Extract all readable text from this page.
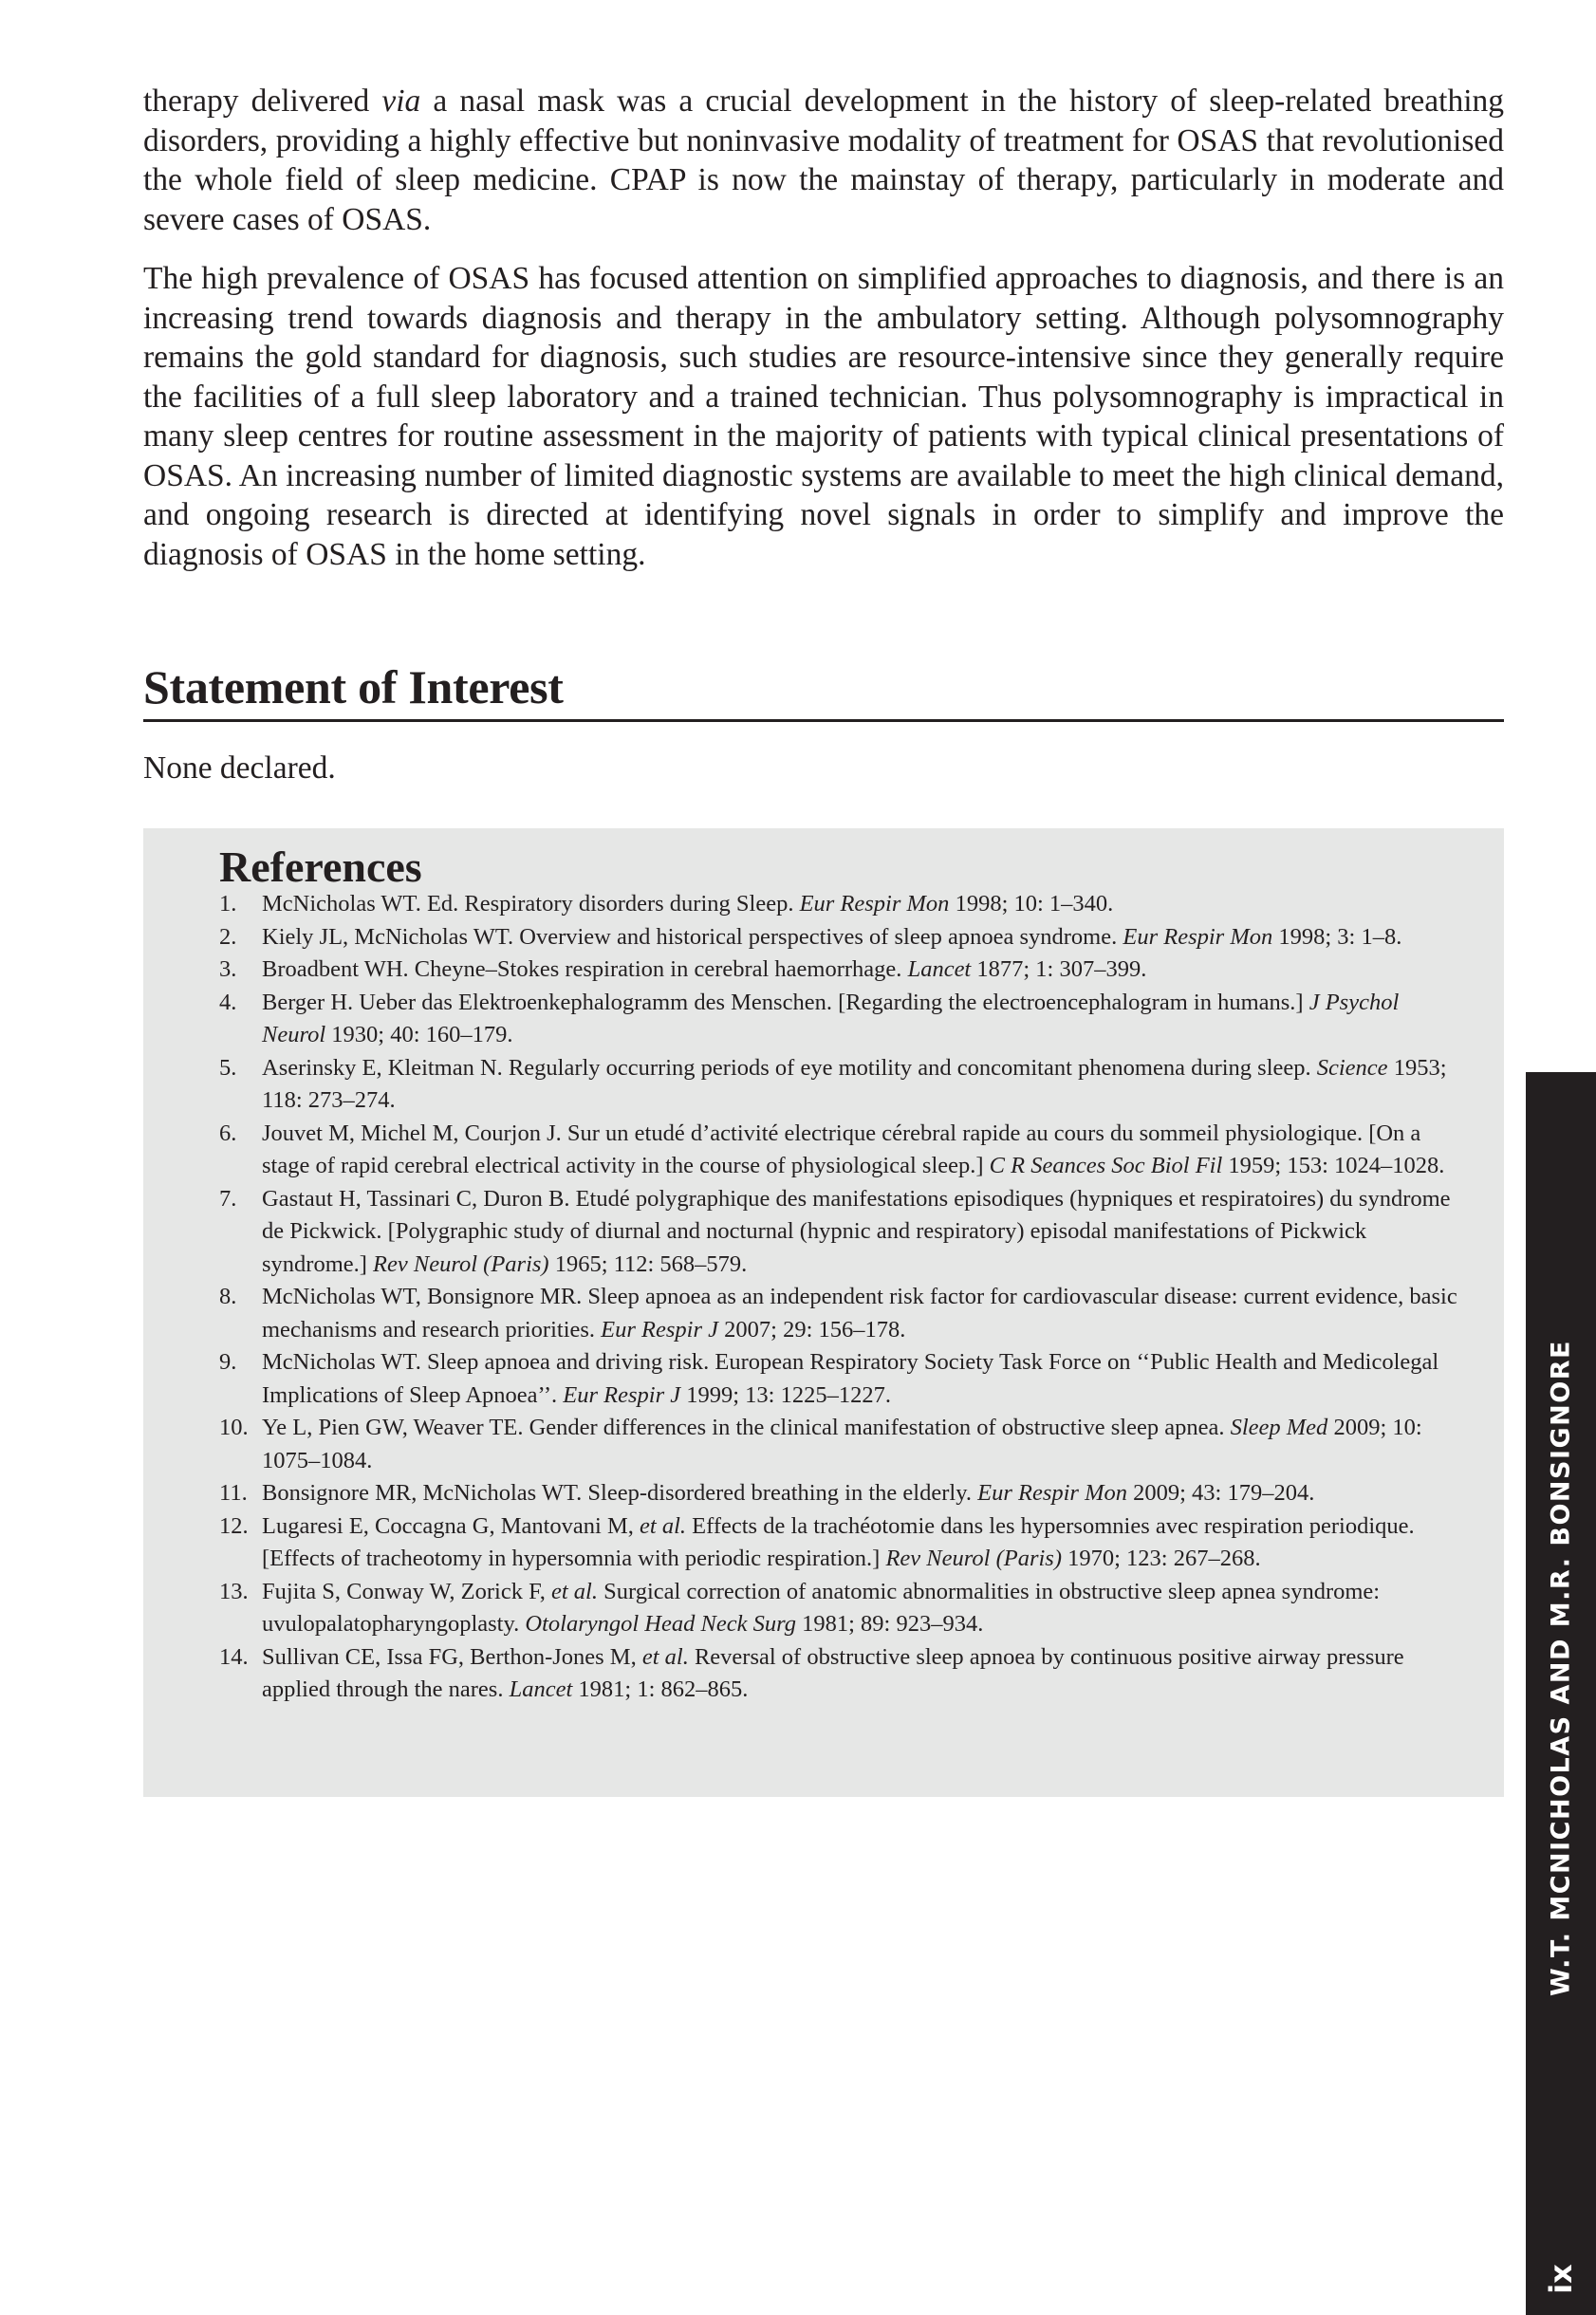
therapy delivered via a nasal mask was a crucial development in the history of sleep-related breathing disorders, providing a highly effective but noninvasive modality of treatment for OSAS that revolutionised the whole field of sleep medicine. CPAP is now the mainstay of therapy, particularly in moderate and severe cases of OSAS.

The high prevalence of OSAS has focused attention on simplified approaches to diagnosis, and there is an increasing trend towards diagnosis and therapy in the ambulatory setting. Although polysomnography remains the gold standard for diagnosis, such studies are resource-intensive since they generally require the facilities of a full sleep laboratory and a trained technician. Thus polysomnography is impractical in many sleep centres for routine assessment in the majority of patients with typical clinical presentations of OSAS. An increasing number of limited diagnostic systems are available to meet the high clinical demand, and ongoing research is directed at identifying novel signals in order to simplify and improve the diagnosis of OSAS in the home setting.

Statement of Interest

None declared.

References
1. McNicholas WT. Ed. Respiratory disorders during Sleep. Eur Respir Mon 1998; 10: 1–340.
2. Kiely JL, McNicholas WT. Overview and historical perspectives of sleep apnoea syndrome. Eur Respir Mon 1998; 3: 1–8.
3. Broadbent WH. Cheyne–Stokes respiration in cerebral haemorrhage. Lancet 1877; 1: 307–399.
4. Berger H. Ueber das Elektroenkephalogramm des Menschen. [Regarding the electroencephalogram in humans.] J Psychol Neurol 1930; 40: 160–179.
5. Aserinsky E, Kleitman N. Regularly occurring periods of eye motility and concomitant phenomena during sleep. Science 1953; 118: 273–274.
6. Jouvet M, Michel M, Courjon J. Sur un etudé d’activité electrique cérebral rapide au cours du sommeil physiologique. [On a stage of rapid cerebral electrical activity in the course of physiological sleep.] C R Seances Soc Biol Fil 1959; 153: 1024–1028.
7. Gastaut H, Tassinari C, Duron B. Etudé polygraphique des manifestations episodiques (hypniques et respiratoires) du syndrome de Pickwick. [Polygraphic study of diurnal and nocturnal (hypnic and respiratory) episodal manifestations of Pickwick syndrome.] Rev Neurol (Paris) 1965; 112: 568–579.
8. McNicholas WT, Bonsignore MR. Sleep apnoea as an independent risk factor for cardiovascular disease: current evidence, basic mechanisms and research priorities. Eur Respir J 2007; 29: 156–178.
9. McNicholas WT. Sleep apnoea and driving risk. European Respiratory Society Task Force on ‘‘Public Health and Medicolegal Implications of Sleep Apnoea’’. Eur Respir J 1999; 13: 1225–1227.
10. Ye L, Pien GW, Weaver TE. Gender differences in the clinical manifestation of obstructive sleep apnea. Sleep Med 2009; 10: 1075–1084.
11. Bonsignore MR, McNicholas WT. Sleep-disordered breathing in the elderly. Eur Respir Mon 2009; 43: 179–204.
12. Lugaresi E, Coccagna G, Mantovani M, et al. Effects de la trachéotomie dans les hypersomnies avec respiration periodique. [Effects of tracheotomy in hypersomnia with periodic respiration.] Rev Neurol (Paris) 1970; 123: 267–268.
13. Fujita S, Conway W, Zorick F, et al. Surgical correction of anatomic abnormalities in obstructive sleep apnea syndrome: uvulopalatopharyngoplasty. Otolaryngol Head Neck Surg 1981; 89: 923–934.
14. Sullivan CE, Issa FG, Berthon-Jones M, et al. Reversal of obstructive sleep apnoea by continuous positive airway pressure applied through the nares. Lancet 1981; 1: 862–865.	W.T. MCNICHOLAS AND M.R. BONSIGNORE
ix
